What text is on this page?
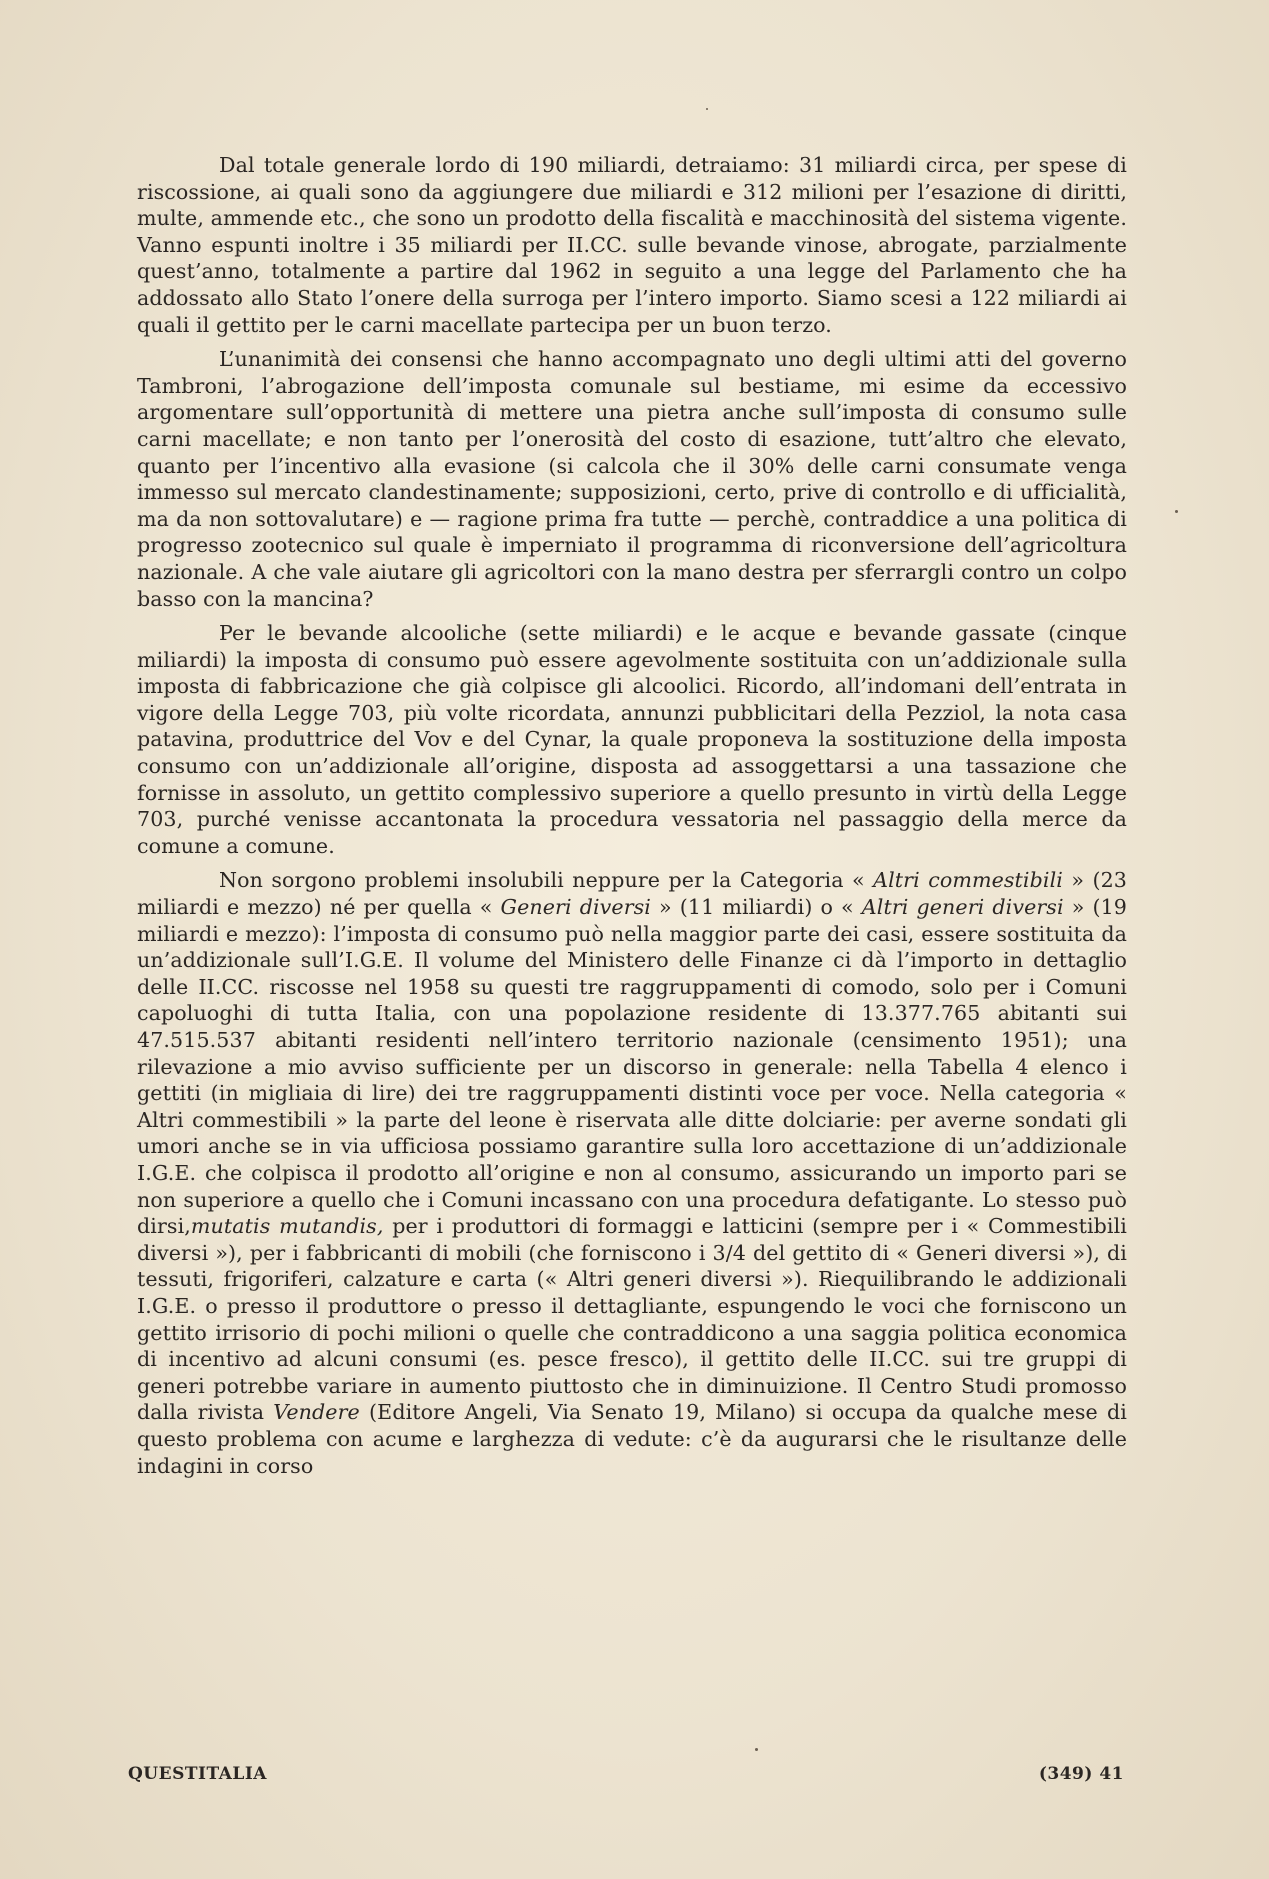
Dal totale generale lordo di 190 miliardi, detraiamo: 31 miliardi circa, per spese di riscossione, ai quali sono da aggiungere due miliardi e 312 milioni per l’esazione di diritti, multe, ammende etc., che sono un prodotto della fiscalità e macchinosità del sistema vigente. Vanno espunti inoltre i 35 miliardi per II.CC. sulle bevande vinose, abrogate, parzialmente quest’anno, totalmente a partire dal 1962 in seguito a una legge del Parlamento che ha addossato allo Stato l’onere della surroga per l’intero importo. Siamo scesi a 122 miliardi ai quali il gettito per le carni macellate partecipa per un buon terzo.

L’unanimità dei consensi che hanno accompagnato uno degli ultimi atti del governo Tambroni, l’abrogazione dell’imposta comunale sul bestiame, mi esime da eccessivo argomentare sull’opportunità di mettere una pietra anche sull’imposta di consumo sulle carni macellate; e non tanto per l’onerosità del costo di esazione, tutt’altro che elevato, quanto per l’incentivo alla evasione (si calcola che il 30% delle carni consumate venga immesso sul mercato clandestinamente; supposizioni, certo, prive di controllo e di ufficialità, ma da non sottovalutare) e — ragione prima fra tutte — perchè, contraddice a una politica di progresso zootecnico sul quale è imperniato il programma di riconversione dell’agricoltura nazionale. A che vale aiutare gli agricoltori con la mano destra per sferrargli contro un colpo basso con la mancina?

Per le bevande alcooliche (sette miliardi) e le acque e bevande gassate (cinque miliardi) la imposta di consumo può essere agevolmente sostituita con un’addizionale sulla imposta di fabbricazione che già colpisce gli alcoolici. Ricordo, all’indomani dell’entrata in vigore della Legge 703, più volte ricordata, annunzi pubblicitari della Pezziol, la nota casa patavina, produttrice del Vov e del Cynar, la quale proponeva la sostituzione della imposta consumo con un’addizionale all’origine, disposta ad assoggettarsi a una tassazione che fornisse in assoluto, un gettito complessivo superiore a quello presunto in virtù della Legge 703, purché venisse accantonata la procedura vessatoria nel passaggio della merce da comune a comune.

Non sorgono problemi insolubili neppure per la Categoria « Altri commestibili » (23 miliardi e mezzo) né per quella « Generi diversi » (11 miliardi) o « Altri generi diversi » (19 miliardi e mezzo): l’imposta di consumo può nella maggior parte dei casi, essere sostituita da un’addizionale sull’I.G.E. Il volume del Ministero delle Finanze ci dà l’importo in dettaglio delle II.CC. riscosse nel 1958 su questi tre raggruppamenti di comodo, solo per i Comuni capoluoghi di tutta Italia, con una popolazione residente di 13.377.765 abitanti sui 47.515.537 abitanti residenti nell’intero territorio nazionale (censimento 1951); una rilevazione a mio avviso sufficiente per un discorso in generale: nella Tabella 4 elenco i gettiti (in migliaia di lire) dei tre raggruppamenti distinti voce per voce. Nella categoria « Altri commestibili » la parte del leone è riservata alle ditte dolciarie: per averne sondati gli umori anche se in via ufficiosa possiamo garantire sulla loro accettazione di un’addizionale I.G.E. che colpisca il prodotto all’origine e non al consumo, assicurando un importo pari se non superiore a quello che i Comuni incassano con una procedura defatigante. Lo stesso può dirsi,mutatis mutandis, per i produttori di formaggi e latticini (sempre per i « Commestibili diversi »), per i fabbricanti di mobili (che forniscono i 3/4 del gettito di « Generi diversi »), di tessuti, frigoriferi, calzature e carta (« Altri generi diversi »). Riequilibrando le addizionali I.G.E. o presso il produttore o presso il dettagliante, espungendo le voci che forniscono un gettito irrisorio di pochi milioni o quelle che contraddicono a una saggia politica economica di incentivo ad alcuni consumi (es. pesce fresco), il gettito delle II.CC. sui tre gruppi di generi potrebbe variare in aumento piuttosto che in diminuizione. Il Centro Studi promosso dalla rivista Vendere (Editore Angeli, Via Senato 19, Milano) si occupa da qualche mese di questo problema con acume e larghezza di vedute: c’è da augurarsi che le risultanze delle indagini in corso

QUESTITALIA	(349) 41
